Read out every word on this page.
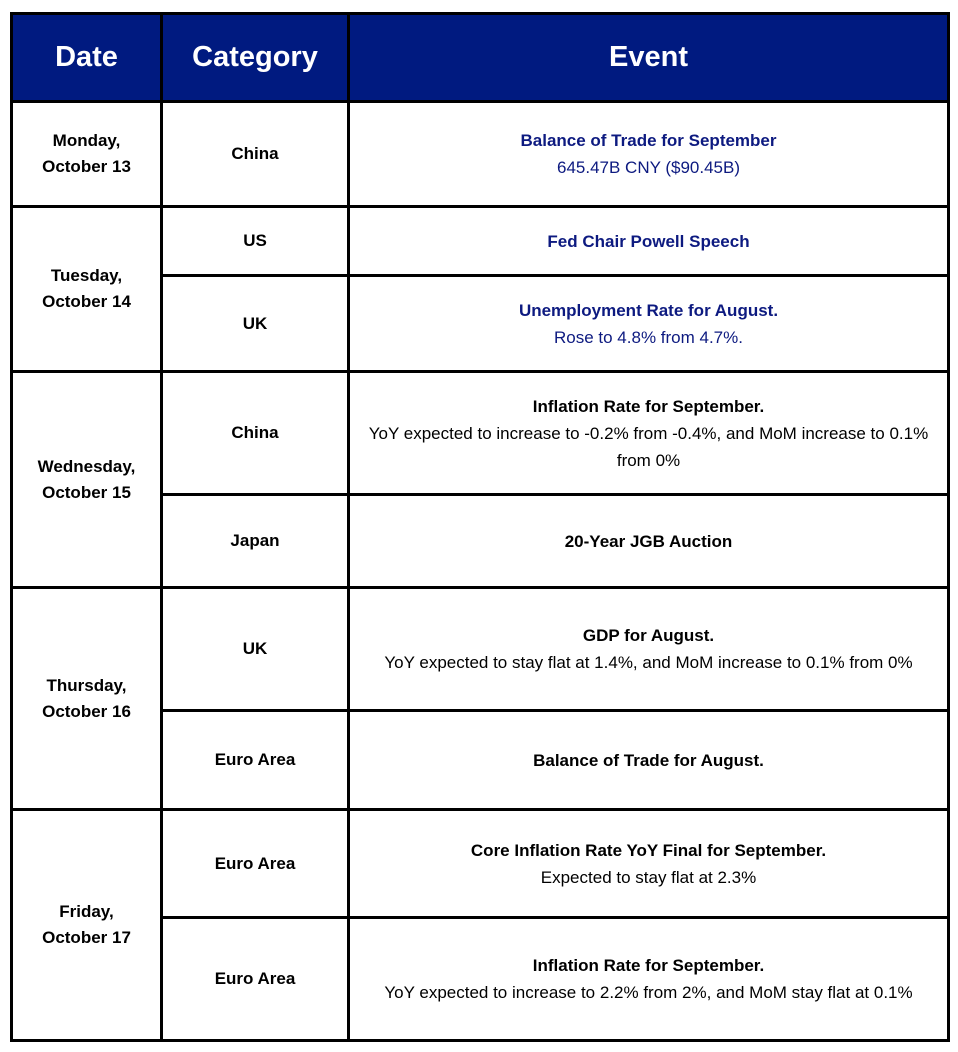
Date	Category	Event

Monday,
October 13	China	Balance of Trade for September
645.47B CNY ($90.45B)

Tuesday,
October 14	US	Fed Chair Powell Speech

	UK	Unemployment Rate for August.
Rose to 4.8% from 4.7%.

Wednesday,
October 15	China	Inflation Rate for September.
YoY expected to increase to -0.2% from -0.4%, and MoM increase to 0.1% from 0%

	Japan	20-Year JGB Auction

Thursday,
October 16	UK	GDP for August.
YoY expected to stay flat at 1.4%, and MoM increase to 0.1% from 0%

	Euro Area	Balance of Trade for August.

Friday,
October 17	Euro Area	Core Inflation Rate YoY Final for September.
Expected to stay flat at 2.3%

	Euro Area	Inflation Rate for September.
YoY expected to increase to 2.2% from 2%, and MoM stay flat at 0.1%
